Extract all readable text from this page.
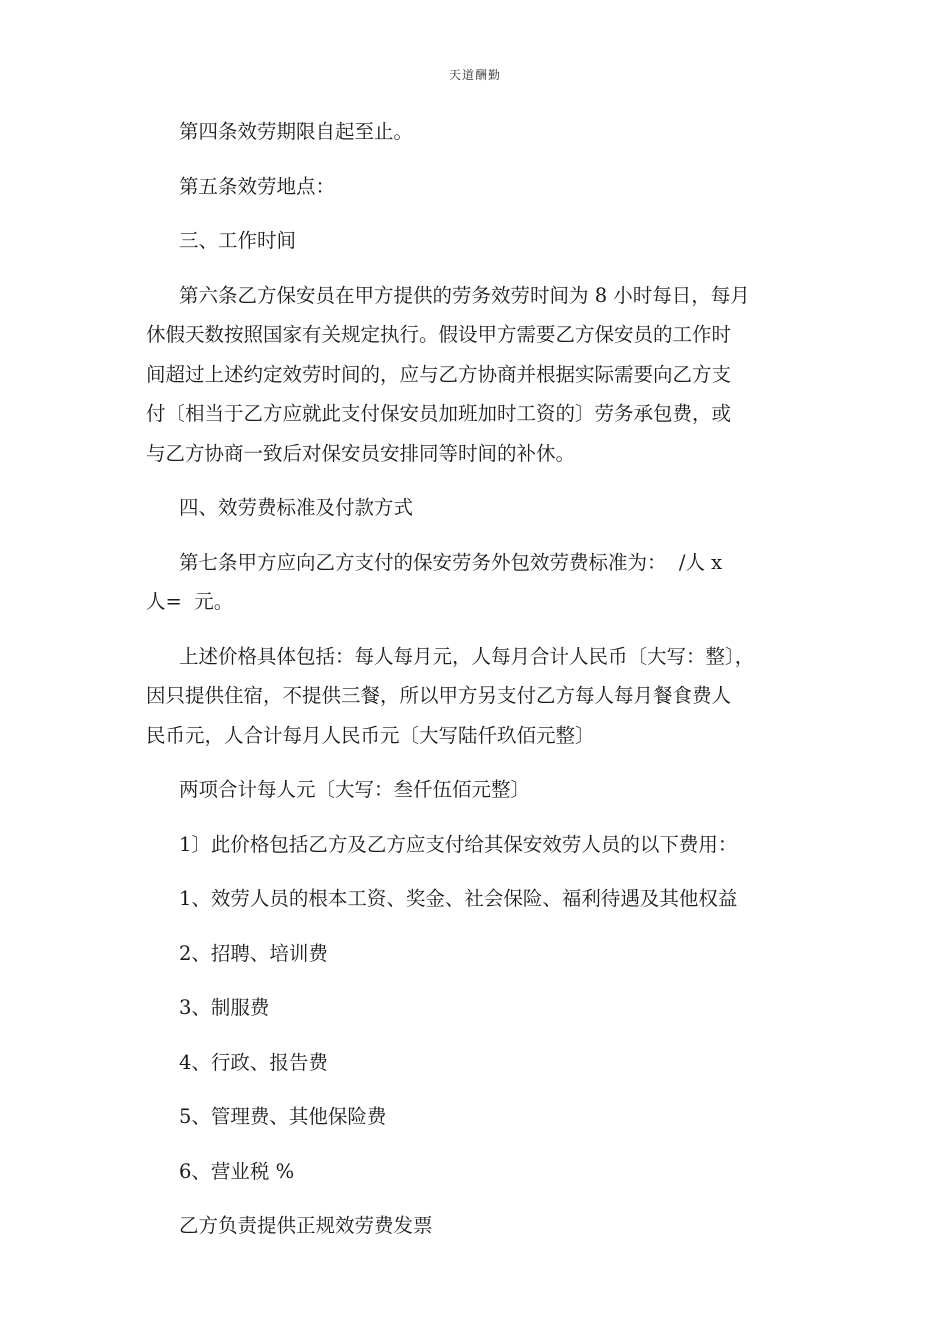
天道酬勤
第四条效劳期限自起至止。
第五条效劳地点：
三、工作时间
第六条乙方保安员在甲方提供的劳务效劳时间为 8 小时每日，每月
休假天数按照国家有关规定执行。假设甲方需要乙方保安员的工作时
间超过上述约定效劳时间的，应与乙方协商并根据实际需要向乙方支
付〔相当于乙方应就此支付保安员加班加时工资的〕劳务承包费，或
与乙方协商一致后对保安员安排同等时间的补休。
四、效劳费标准及付款方式
第七条甲方应向乙方支付的保安劳务外包效劳费标准为：  /人 x
人=  元。
上述价格具体包括：每人每月元，人每月合计人民币〔大写：整〕，
因只提供住宿，不提供三餐，所以甲方另支付乙方每人每月餐食费人
民币元，人合计每月人民币元〔大写陆仟玖佰元整〕
两项合计每人元〔大写：叁仟伍佰元整〕
1〕此价格包括乙方及乙方应支付给其保安效劳人员的以下费用：
1、效劳人员的根本工资、奖金、社会保险、福利待遇及其他权益
2、招聘、培训费
3、制服费
4、行政、报告费
5、管理费、其他保险费
6、营业税 %
乙方负责提供正规效劳费发票
